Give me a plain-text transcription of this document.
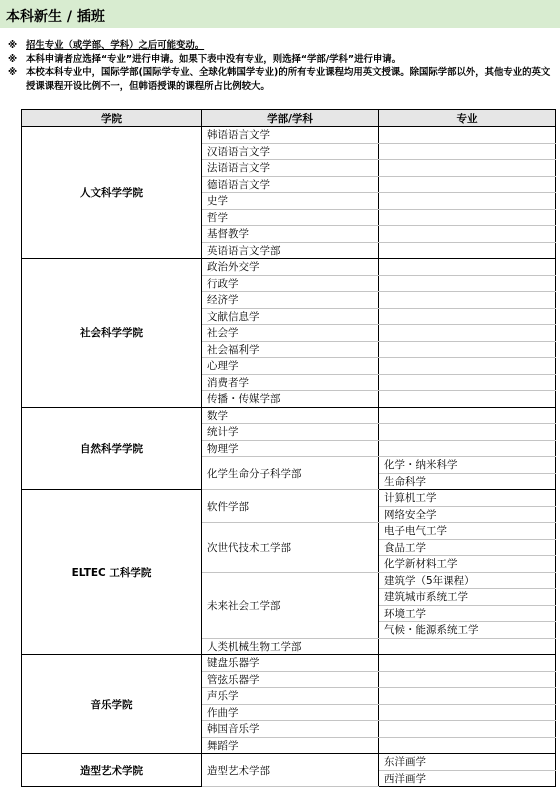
本科新生 / 插班
※ 招生专业（或学部、学科）之后可能变动。
※ 本科申请者应选择“专业”进行申请。如果下表中没有专业，则选择“学部/学科”进行申请。
※ 本校本科专业中，国际学部(国际学专业、全球化韩国学专业)的所有专业课程均用英文授课。除国际学部以外，其他专业的英文授课课程开设比例不一，但韩语授课的课程所占比例较大。
学院	学部/学科	专业
人文科学学院	韩语语言文学	
	汉语语言文学	
	法语语言文学	
	德语语言文学	
	史学	
	哲学	
	基督教学	
	英语语言文学部	
社会科学学院	政治外交学	
	行政学	
	经济学	
	文献信息学	
	社会学	
	社会福利学	
	心理学	
	消费者学	
	传播・传媒学部	
自然科学学院	数学	
	统计学	
	物理学	
	化学生命分子科学部	化学・纳米科学
		生命科学
ELTEC 工科学院	软件学部	计算机工学
		网络安全学
	次世代技术工学部	电子电气工学
		食品工学
		化学新材料工学
	未来社会工学部	建筑学（5年课程）
		建筑城市系统工学
		环境工学
		气候・能源系统工学
	人类机械生物工学部	
音乐学院	键盘乐器学	
	管弦乐器学	
	声乐学	
	作曲学	
	韩国音乐学	
	舞蹈学	
造型艺术学院	造型艺术学部	东洋画学
		西洋画学
